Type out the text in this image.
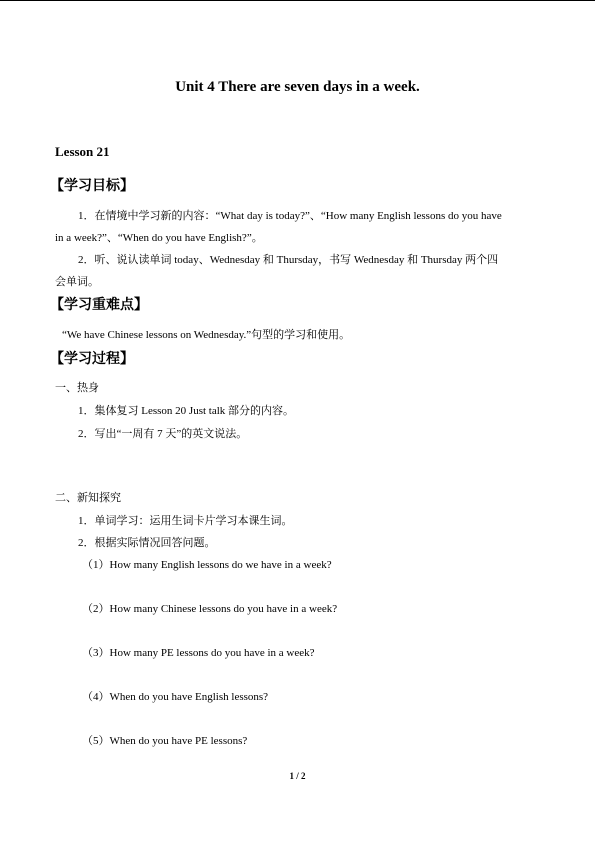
Unit 4 There are seven days in a week.
Lesson 21
【学习目标】
1．在情境中学习新的内容：“What day is today?”、“How many English lessons do you have
in a week?”、“When do you have English?”。
2．听、说认读单词 today、Wednesday 和 Thursday，书写 Wednesday 和 Thursday 两个四
会单词。
【学习重难点】
“We have Chinese lessons on Wednesday.”句型的学习和使用。
【学习过程】
一、热身
1．集体复习 Lesson 20 Just talk 部分的内容。
2．写出“一周有 7 天”的英文说法。
二、新知探究
1．单词学习：运用生词卡片学习本课生词。
2．根据实际情况回答问题。
（1）How many English lessons do we have in a week?
（2）How many Chinese lessons do you have in a week?
（3）How many PE lessons do you have in a week?
（4）When do you have English lessons?
（5）When do you have PE lessons?
1 / 2
